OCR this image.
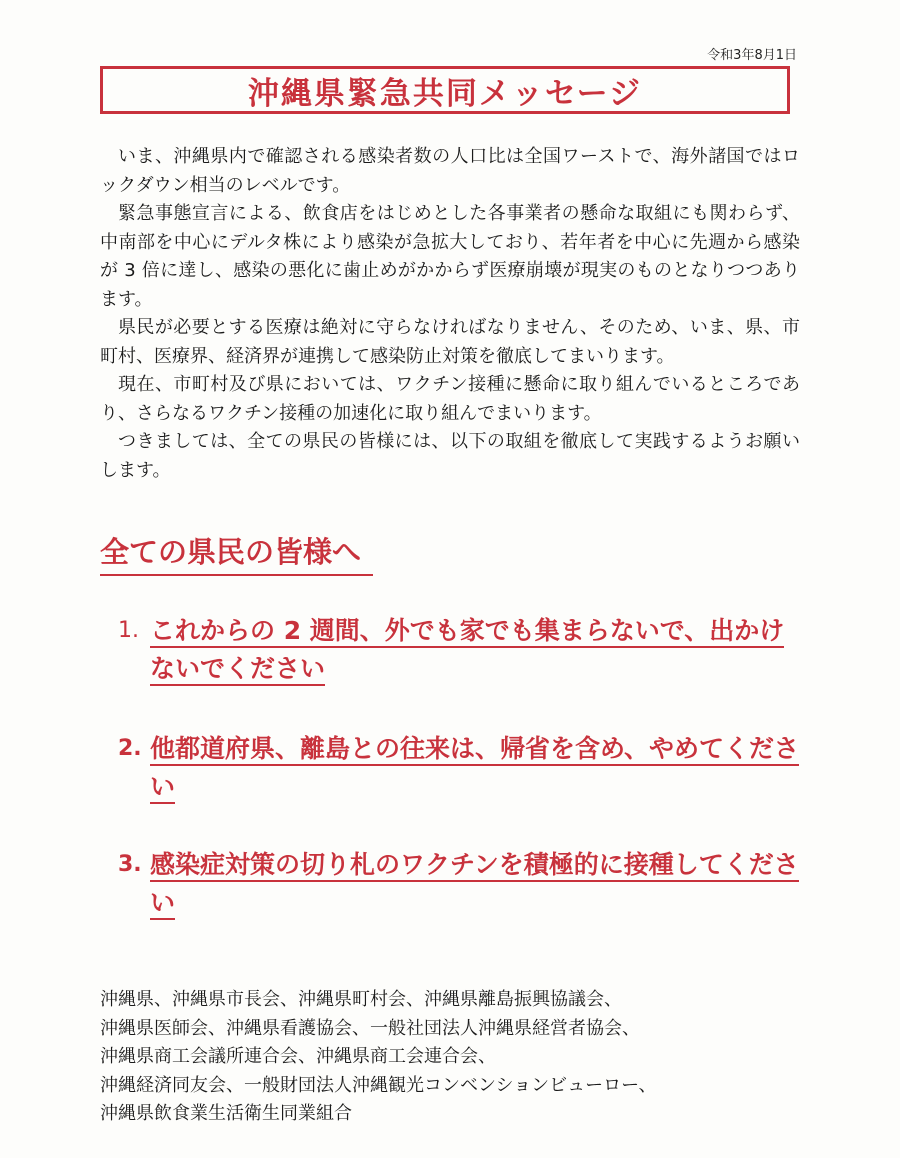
令和3年8月1日
沖縄県緊急共同メッセージ

いま、沖縄県内で確認される感染者数の人口比は全国ワーストで、海外諸国ではロックダウン相当のレベルです。

緊急事態宣言による、飲食店をはじめとした各事業者の懸命な取組にも関わらず、中南部を中心にデルタ株により感染が急拡大しており、若年者を中心に先週から感染が 3 倍に達し、感染の悪化に歯止めがかからず医療崩壊が現実のものとなりつつあります。

県民が必要とする医療は絶対に守らなければなりません、そのため、いま、県、市町村、医療界、経済界が連携して感染防止対策を徹底してまいります。

現在、市町村及び県においては、ワクチン接種に懸命に取り組んでいるところであり、さらなるワクチン接種の加速化に取り組んでまいります。

つきましては、全ての県民の皆様には、以下の取組を徹底して実践するようお願いします。

全ての県民の皆様へ
1. これからの 2 週間、外でも家でも集まらないで、出かけないでください
2. 他都道府県、離島との往来は、帰省を含め、やめてください
3. 感染症対策の切り札のワクチンを積極的に接種してください
沖縄県、沖縄県市長会、沖縄県町村会、沖縄県離島振興協議会、
沖縄県医師会、沖縄県看護協会、一般社団法人沖縄県経営者協会、
沖縄県商工会議所連合会、沖縄県商工会連合会、
沖縄経済同友会、一般財団法人沖縄観光コンベンションビューロー、
沖縄県飲食業生活衛生同業組合
